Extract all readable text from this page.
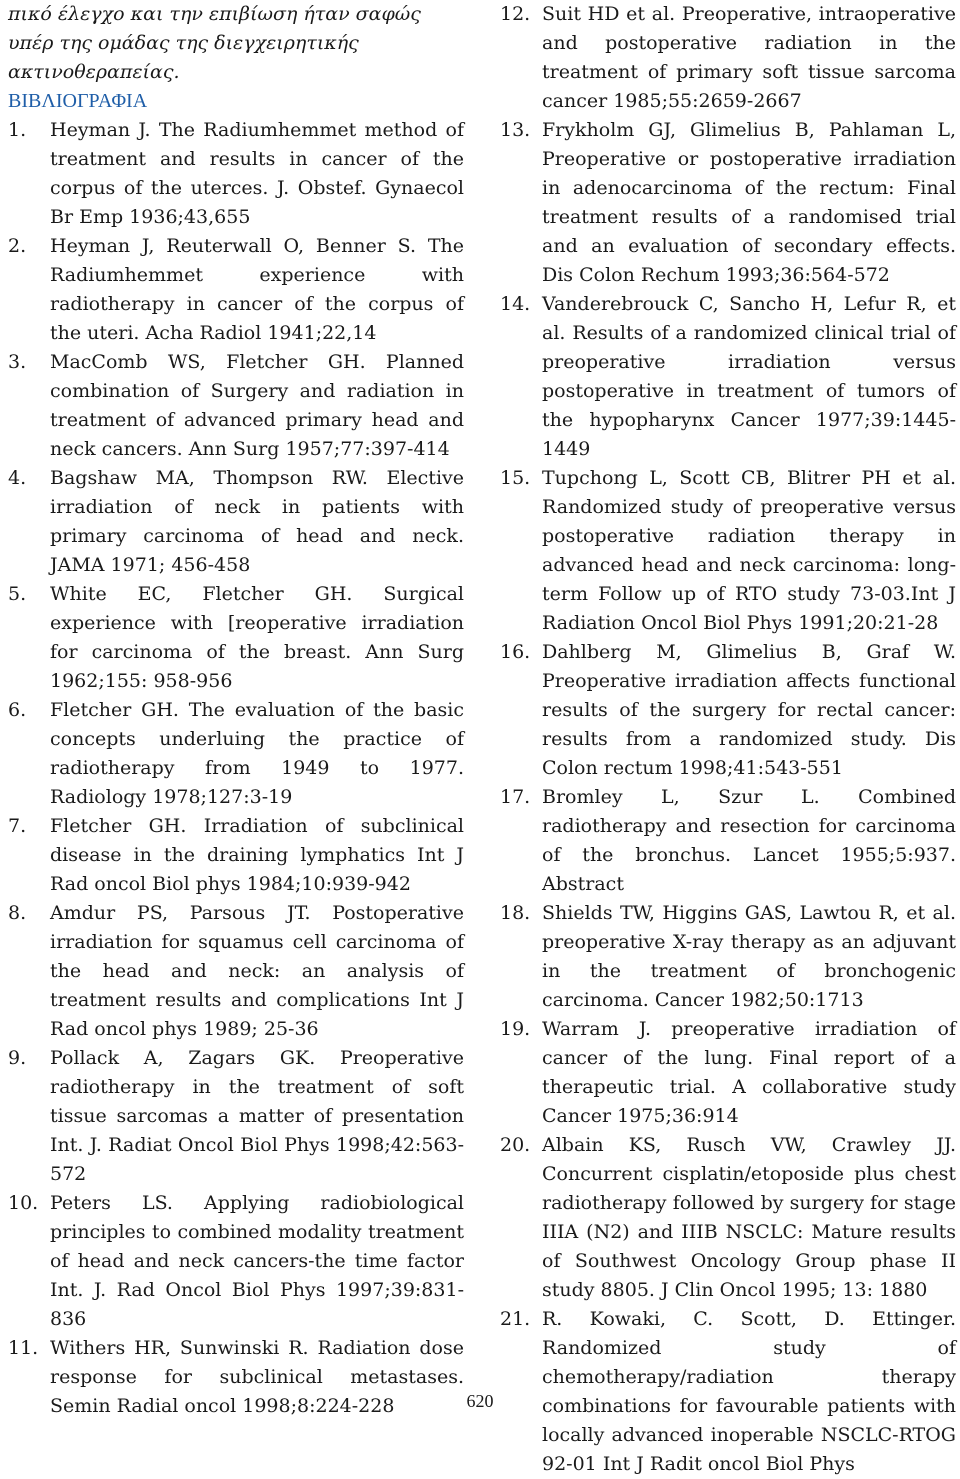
πικό έλεγχο και την επιβίωση ήταν σαφώς υπέρ της ομάδας της διεγχειρητικής ακτινοθεραπείας.

ΒΙΒΛΙΟΓΡΑΦΙΑ

1.	Heyman J. The Radiumhemmet method of treatment and results in cancer of the corpus of the uterces. J. Obstef. Gynaecol Br Emp 1936;43,655
2.	Heyman J, Reuterwall O, Benner S. The Radiumhemmet experience with radiotherapy in cancer of the corpus of the uteri. Acha Radiol 1941;22,14
3.	MacComb WS, Fletcher GH. Planned combination of Surgery and radiation in treatment of advanced primary head and neck cancers. Ann Surg 1957;77:397-414
4.	Bagshaw MA, Thompson RW. Elective irradiation of neck in patients with primary carcinoma of head and neck. JAMA 1971; 456-458
5.	White EC, Fletcher GH. Surgical experience with [reoperative irradiation for carcinoma of the breast. Ann Surg 1962;155: 958-956
6.	Fletcher GH. The evaluation of the basic concepts underluing the practice of radiotherapy from 1949 to 1977. Radiology 1978;127:3-19
7.	Fletcher GH. Irradiation of subclinical disease in the draining lymphatics Int J Rad oncol Biol phys 1984;10:939-942
8.	Amdur PS, Parsous JT. Postoperative irradiation for squamus cell carcinoma of the head and neck: an analysis of treatment results and complications Int J Rad oncol phys 1989; 25-36
9.	Pollack A, Zagars GK. Preoperative radiotherapy in the treatment of soft tissue sarcomas a matter of presentation Int. J. Radiat Oncol Biol Phys 1998;42:563-572
10. Peters LS. Applying radiobiological principles to combined modality treatment of head and neck cancers-the time factor Int. J. Rad Oncol Biol Phys 1997;39:831-836
11. Withers HR, Sunwinski R. Radiation dose response for subclinical metastases. Semin Radial oncol 1998;8:224-228
12. Suit HD et al. Preoperative, intraoperative and postoperative radiation in the treatment of primary soft tissue sarcoma cancer 1985;55:2659-2667
13. Frykholm GJ, Glimelius B, Pahlaman L, Preoperative or postoperative irradiation in adenocarcinoma of the rectum: Final treatment results of a randomised trial and an evaluation of secondary effects. Dis Colon Rechum 1993;36:564-572
14. Vanderebrouck C, Sancho H, Lefur R, et al. Results of a randomized clinical trial of preoperative irradiation versus postoperative in treatment of tumors of the hypopharynx Cancer 1977;39:1445-1449
15. Tupchong L, Scott CB, Blitrer PH et al. Randomized study of preoperative versus postoperative radiation therapy in advanced head and neck carcinoma: long-term Follow up of RTO study 73-03.Int J Radiation Oncol Biol Phys 1991;20:21-28
16. Dahlberg M, Glimelius B, Graf W. Preoperative irradiation affects functional results of the surgery for rectal cancer: results from a randomized study. Dis Colon rectum 1998;41:543-551
17. Bromley L, Szur L. Combined radiotherapy and resection for carcinoma of the bronchus. Lancet 1955;5:937. Abstract
18. Shields TW, Higgins GAS, Lawtou R, et al. preoperative X-ray therapy as an adjuvant in the treatment of bronchogenic carcinoma. Cancer 1982;50:1713
19. Warram J. preoperative irradiation of cancer of the lung. Final report of a therapeutic trial. A collaborative study Cancer 1975;36:914
20. Albain KS, Rusch VW, Crawley JJ. Concurrent cisplatin/etoposide plus chest radiotherapy followed by surgery for stage IIIA (N2) and IIIB NSCLC: Mature results of Southwest Oncology Group phase II study 8805. J Clin Oncol 1995; 13: 1880
21. R. Kowaki, C. Scott, D. Ettinger. Randomized study of chemotherapy/radiation therapy combinations for favourable patients with locally advanced inoperable NSCLC-RTOG 92-01 Int J Radit oncol Biol Phys
620
